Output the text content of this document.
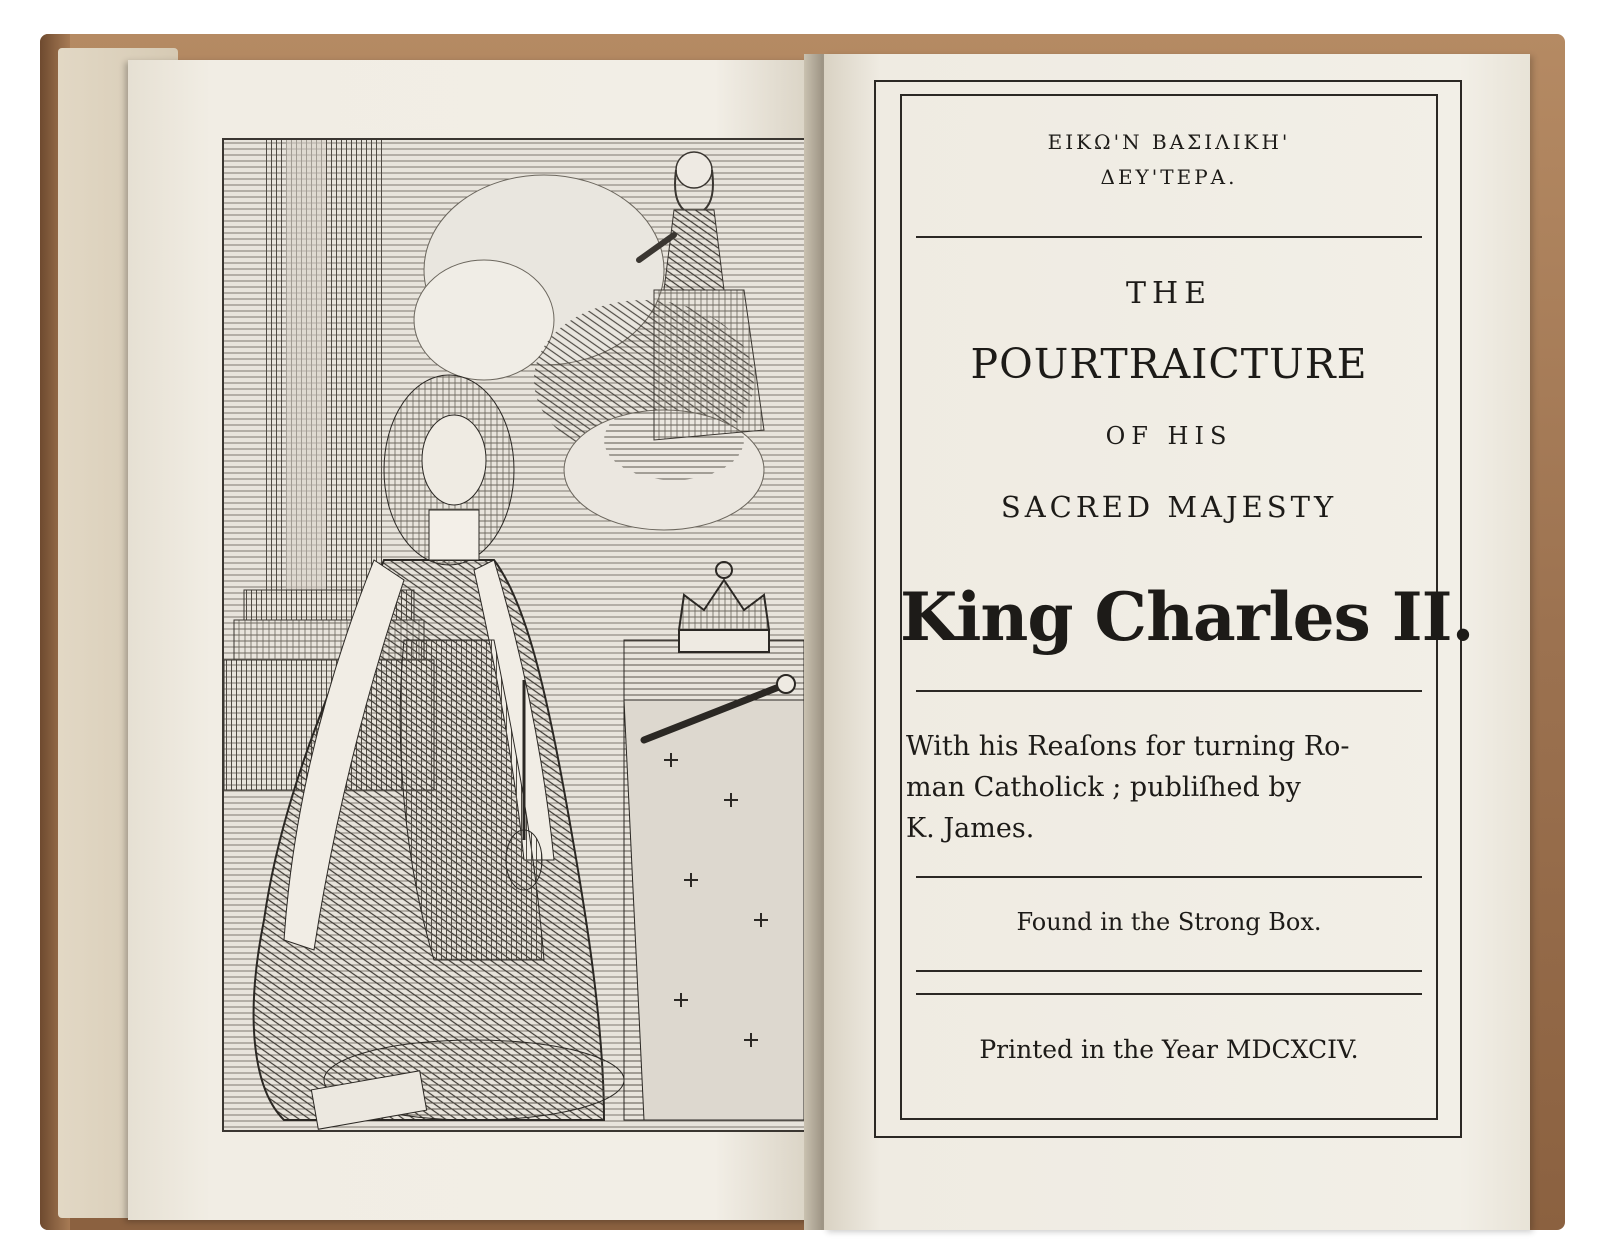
ΕΙΚΩ'Ν ΒΑΣΙΛΙΚΗ'
ΔΕΥ'ΤΕΡΑ.
THE
POURTRAICTURE
OF HIS
SACRED MAJESTY
King Charles II.
With his Reaſons for turning Ro-
man Catholick ; publiſhed by
K. James.
Found in the Strong Box.
Printed in the Year MDCXCIV.
